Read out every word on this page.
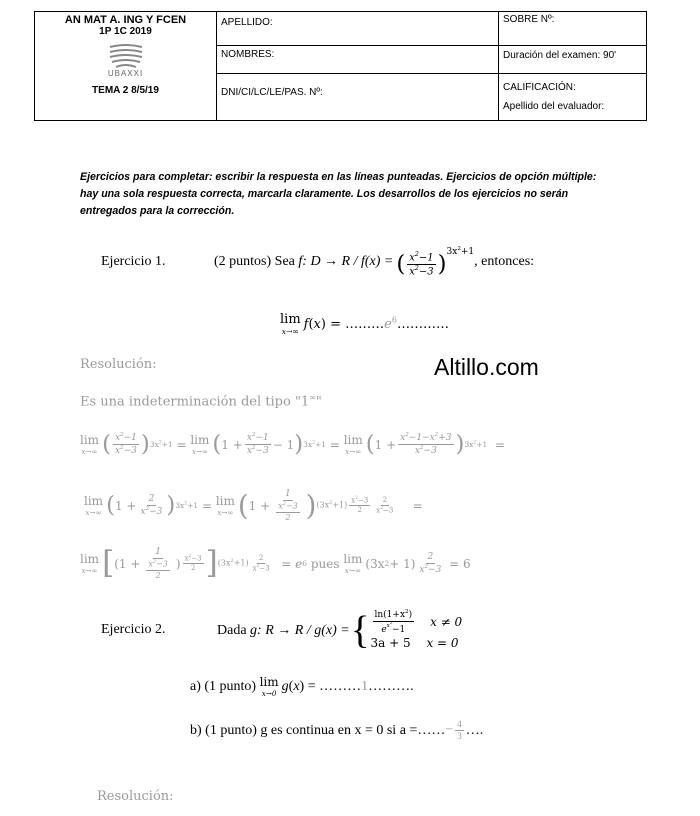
AN MAT A. ING Y FCEN
1P 1C 2019
UBAXXI
TEMA 2 8/5/19	APELLIDO:	SOBRE Nº:

	NOMBRES:	Duración del examen: 90'

	DNI/CI/LC/LE/PAS. Nº:	CALIFICACIÓN:
Apellido del evaluador:
Ejercicios para completar: escribir la respuesta en las líneas punteadas. Ejercicios de opción múltiple: hay una sola respuesta correcta, marcarla claramente. Los desarrollos de los ejercicios no serán entregados para la corrección.
Altillo.com
Ejercicio 1.	(2 puntos) Sea
f: D → R / f(x) = ( $\frac{x^2-1}{x^2-3} )^{3x^2+1}$
, entonces:
lim
x→∞ $f(x) = \dots\dots\dots e^6\dots\dots\dots\dots$
Resolución:
Es una indeterminación del tipo "1∞"
lim
x→∞ ( $\frac{x^2-1}{x^2-3}$ ) $3x^2+1 = \lim$
x→∞ ( $1 + \frac{x^2-1}{x^2-3} - 1$ ) $3x^2+1 = \lim$
x→∞ ( $1 + \frac{x^2-1-x^2+3}{x^2-3}$ ) $3x^2+1$ =
lim
x→∞ ( $1 + \frac{2}{x^2-3}$ ) $3x^2+1 = \lim$
x→∞ ( $1 + \frac{1}{\frac{x^2-3}{2}}$ ) $(3x^2+1) \frac{x^2-3}{2} \frac{2}{x^2-3}$ =
lim
x→∞ [ ($1 + \frac{1}{\frac{x^2-3}{2}}$ ) $\frac{x^2-3}{2}$ ] $(3x^2+1) \frac{2}{x^2-3} = e$ 6
pues
lim
x→∞ (3x $2 + 1) \frac{2}{x^2-3}$
= 6
Ejercicio 2.	Dada
g: R → R / g(x) = { $\frac{\ln(1+x^2)}{e^{x^2}-1}$ x ≠ 0
3a + 5 x = 0
a) (1 punto)
lim
x→0 g ( x ) = ……… 1 ……….
b) (1 punto) g es continua en x = 0 si a = …… − $\frac{4}{3}$ ….
Resolución:
